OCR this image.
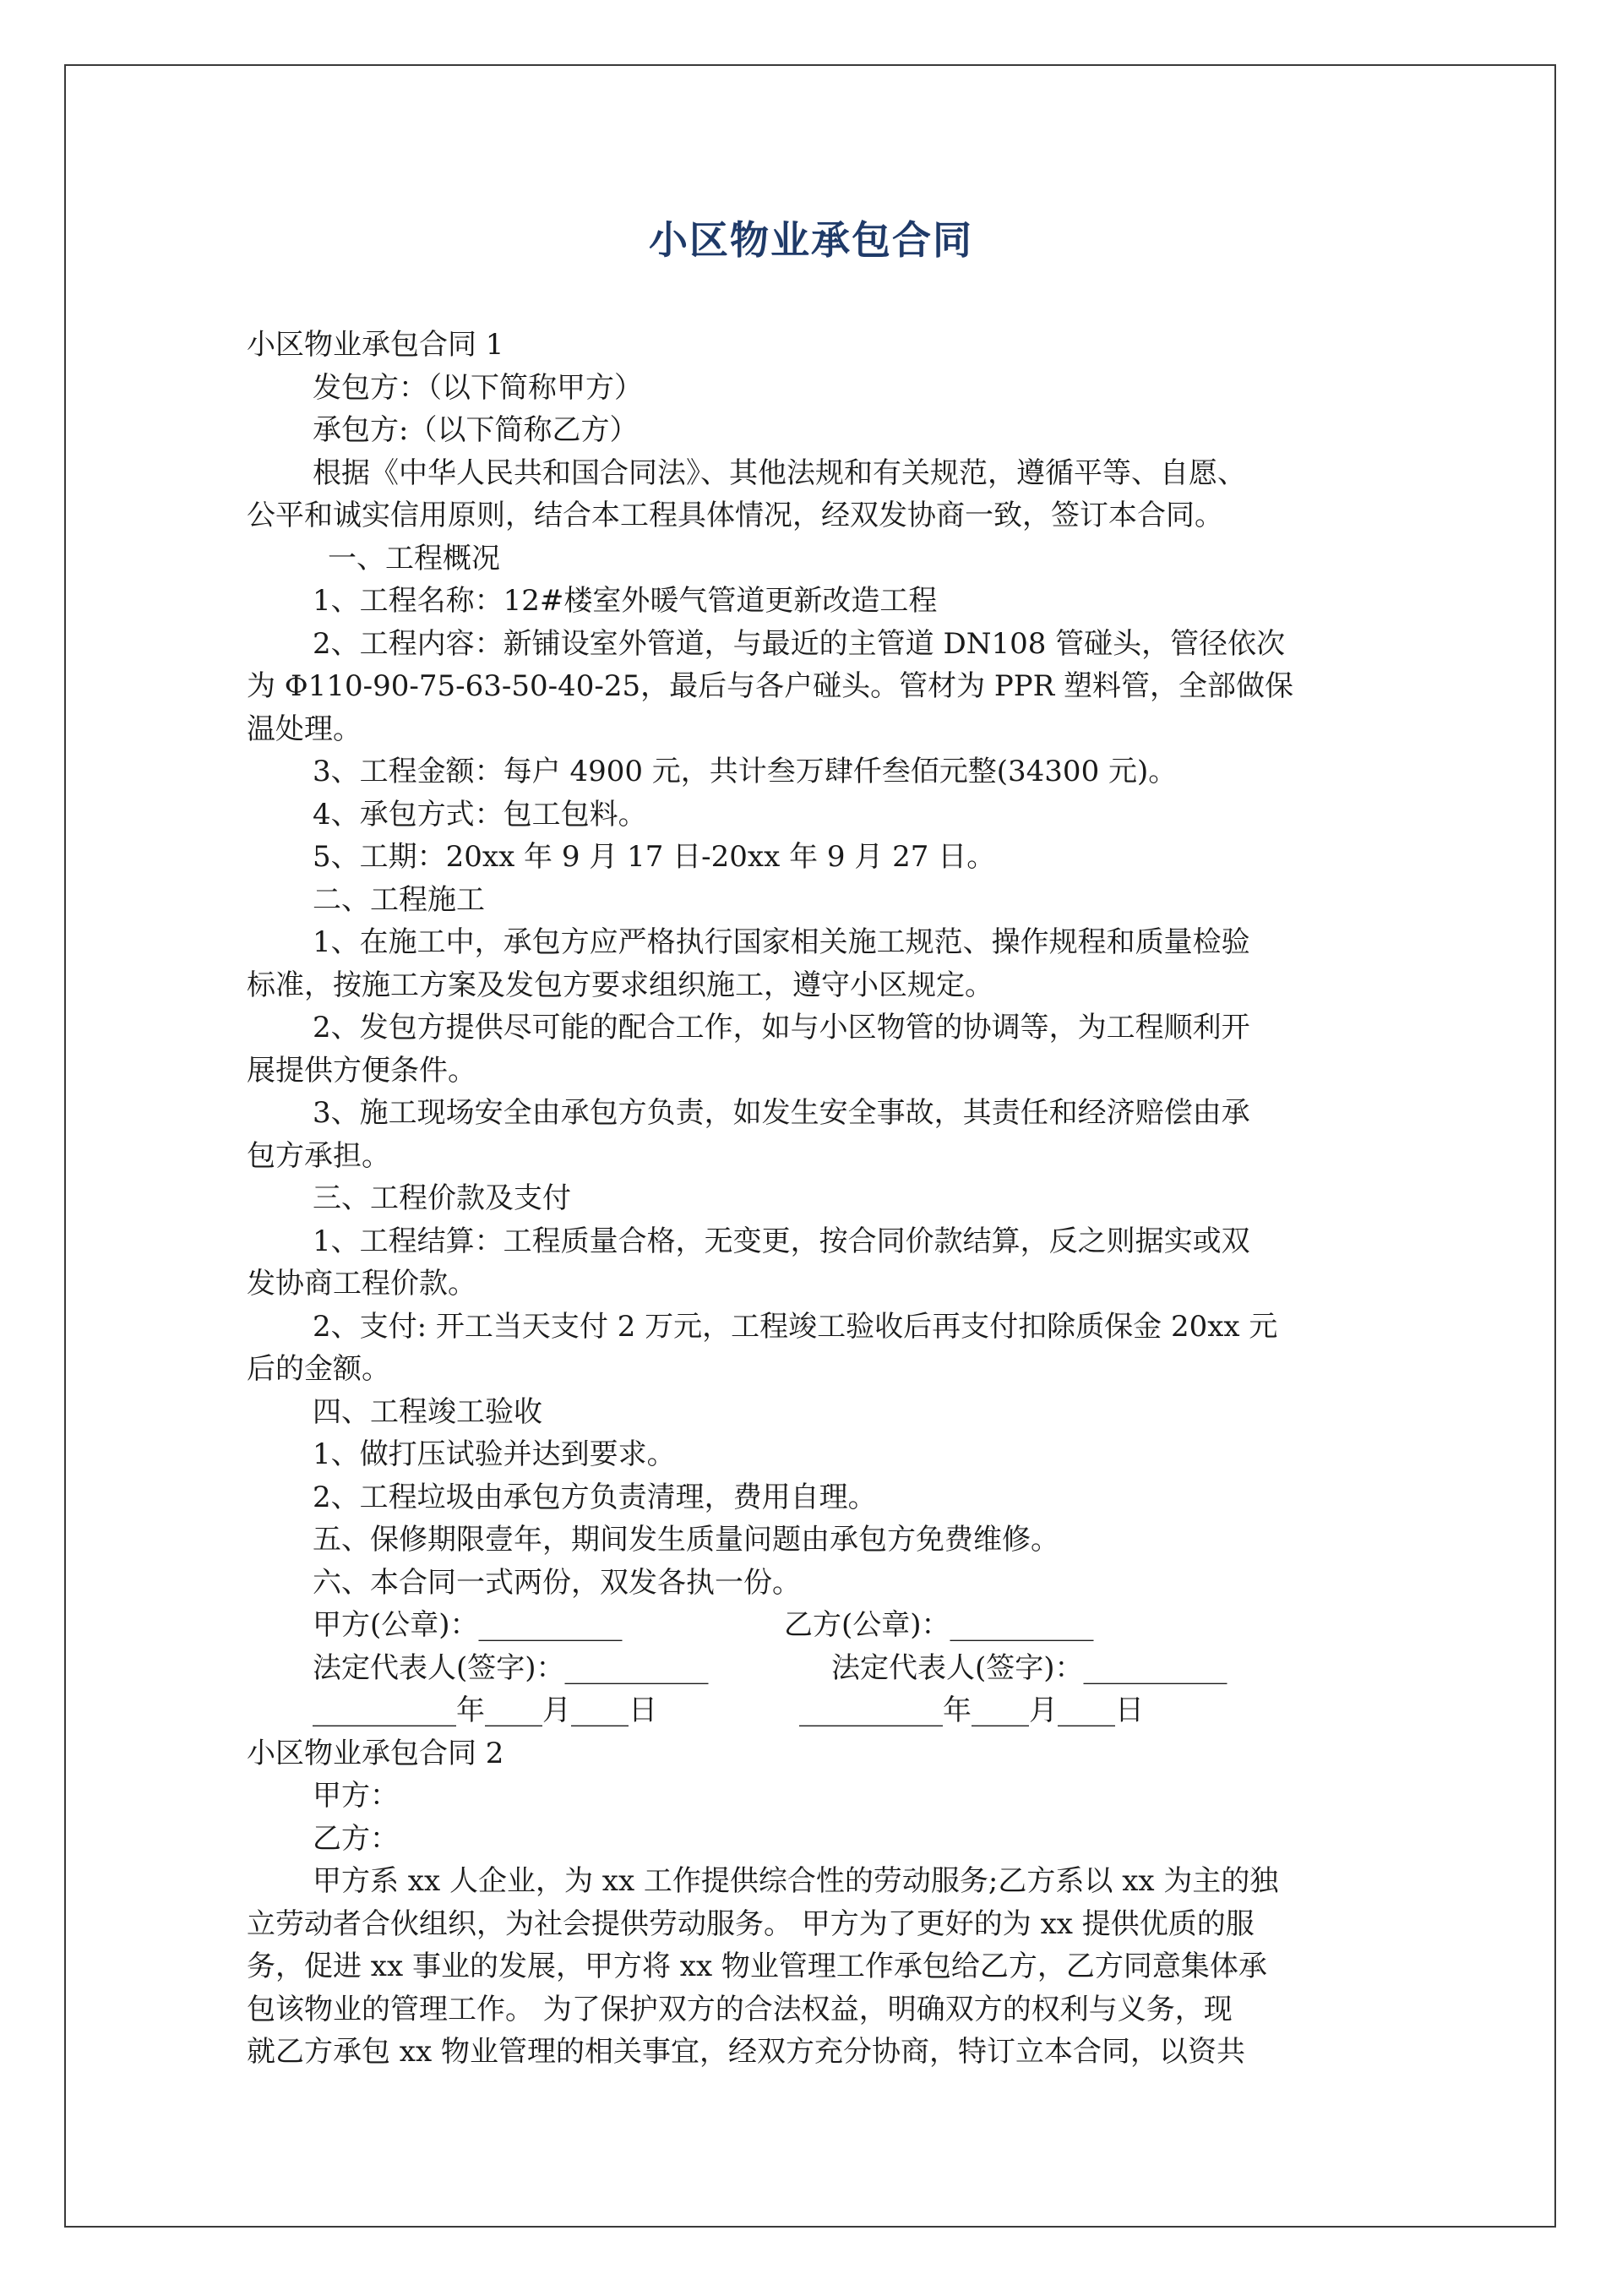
小区物业承包合同
小区物业承包合同 1
发包方：（以下简称甲方）
承包方:（以下简称乙方）
根据《中华人民共和国合同法》、其他法规和有关规范，遵循平等、自愿、
公平和诚实信用原则，结合本工程具体情况，经双发协商一致，签订本合同。
一、工程概况
1、工程名称：12#楼室外暖气管道更新改造工程
2、工程内容：新铺设室外管道，与最近的主管道 DN108 管碰头，管径依次
为 Φ110-90-75-63-50-40-25，最后与各户碰头。管材为 PPR 塑料管，全部做保
温处理。
3、工程金额：每户 4900 元，共计叁万肆仟叁佰元整(34300 元)。
4、承包方式：包工包料。
5、工期：20xx 年 9 月 17 日-20xx 年 9 月 27 日。
二、工程施工
1、在施工中，承包方应严格执行国家相关施工规范、操作规程和质量检验
标准，按施工方案及发包方要求组织施工，遵守小区规定。
2、发包方提供尽可能的配合工作，如与小区物管的协调等，为工程顺利开
展提供方便条件。
3、施工现场安全由承包方负责，如发生安全事故，其责任和经济赔偿由承
包方承担。
三、工程价款及支付
1、工程结算：工程质量合格，无变更，按合同价款结算，反之则据实或双
发协商工程价款。
2、支付: 开工当天支付 2 万元，工程竣工验收后再支付扣除质保金 20xx 元
后的金额。
四、工程竣工验收
1、做打压试验并达到要求。
2、工程垃圾由承包方负责清理，费用自理。
五、保修期限壹年，期间发生质量问题由承包方免费维修。
六、本合同一式两份，双发各执一份。
甲方(公章)：__________	乙方(公章)：__________
法定代表人(签字)：__________	法定代表人(签字)：__________
__________年____月____日	__________年____月____日
小区物业承包合同 2
甲方：
乙方：
甲方系 xx 人企业，为 xx 工作提供综合性的劳动服务;乙方系以 xx 为主的独
立劳动者合伙组织，为社会提供劳动服务。 甲方为了更好的为 xx 提供优质的服
务，促进 xx 事业的发展，甲方将 xx 物业管理工作承包给乙方，乙方同意集体承
包该物业的管理工作。 为了保护双方的合法权益，明确双方的权利与义务，现
就乙方承包 xx 物业管理的相关事宜，经双方充分协商，特订立本合同，以资共
